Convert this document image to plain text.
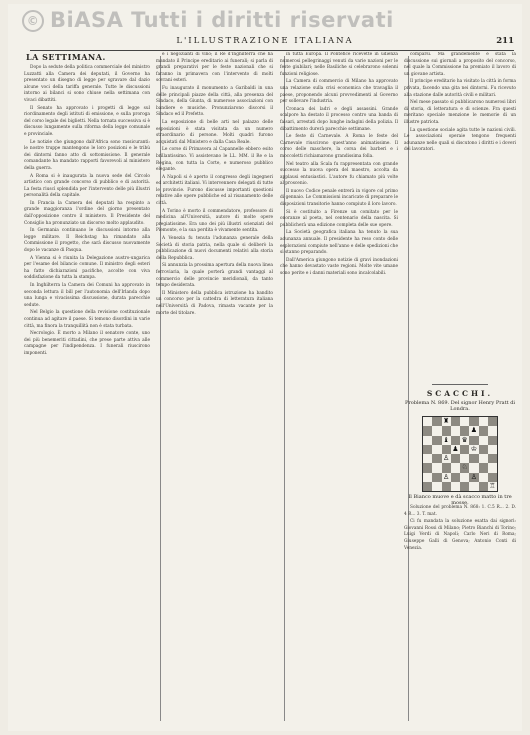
© BiASA Tutti i diritti riservati
L'ILLUSTRAZIONE ITALIANA	211
LA SETTIMANA.

Dopo la sedute della politica commerciale del ministro Luzzatti alla Camera dei deputati, il Governo ha presentato un disegno di legge per sgravare dal dazio alcune voci della tariffa generale. Tutte le discussioni intorno ai bilanci si sono chiuse nella settimana con vivaci dibattiti.

Il Senato ha approvato i progetti di legge sul riordinamento degli istituti di emissione, e sulla proroga del corso legale dei biglietti. Nella tornata successiva si è discusso lungamente sulla riforma della legge comunale e provinciale.

Le notizie che giungono dall'Africa sono rassicuranti: le nostre truppe mantengono le loro posizioni e le tribù dei dintorni fanno atto di sottomissione. Il generale comandante ha mandato rapporti favorevoli al ministero della guerra.

A Roma si è inaugurata la nuova sede del Circolo artistico con grande concorso di pubblico e di autorità. La festa riuscì splendida per l'intervento delle più illustri personalità della capitale.

In Francia la Camera dei deputati ha respinto a grande maggioranza l'ordine del giorno presentato dall'opposizione contro il ministero. Il Presidente del Consiglio ha pronunziato un discorso molto applaudito.

In Germania continuano le discussioni intorno alla legge militare. Il Reichstag ha rimandato alla Commissione il progetto, che sarà discusso nuovamente dopo le vacanze di Pasqua.

A Vienna si è riunita la Delegazione austro-ungarica per l'esame del bilancio comune. Il ministro degli esteri ha fatto dichiarazioni pacifiche, accolte con viva soddisfazione da tutta la stampa.

In Inghilterra la Camera dei Comuni ha approvato in seconda lettura il bill per l'autonomia dell'Irlanda dopo una lunga e vivacissima discussione, durata parecchie sedute.

Nel Belgio la questione della revisione costituzionale continua ad agitare il paese. Si temono disordini in varie città, ma finora la tranquillità non è stata turbata.

Necrologio. È morto a Milano il senatore conte, uno dei più benemeriti cittadini, che prese parte attiva alle campagne per l'indipendenza. I funerali riuscirono imponenti.

e i negozianti di vino; il Re d'Inghilterra che ha mandato il Principe ereditario ai funerali; si parla di grandi preparativi per le feste nazionali che si faranno in primavera con l'intervento di molti sovrani esteri.

Fu inaugurato il monumento a Garibaldi in una delle principali piazze della città, alla presenza del Sindaco, della Giunta, di numerose associazioni con bandiere e musiche. Pronunziarono discorsi il Sindaco ed il Prefetto.

La esposizione di belle arti nel palazzo delle esposizioni è stata visitata da un numero straordinario di persone. Molti quadri furono acquistati dal Ministero e dalla Casa Reale.

Le corse di Primavera al Capannelle ebbero esito brillantissimo. Vi assistevano le LL. MM. il Re e la Regina, con tutta la Corte, e numeroso pubblico elegante.

A Napoli si è aperto il congresso degli ingegneri ed architetti italiani. Vi intervennero delegati di tutte le provincie. Furono discusse importanti questioni relative alle opere pubbliche ed al risanamento delle città.

A Torino è morto il commendatore, professore di medicina all'Università, autore di molte opere pregiatissime. Era uno dei più illustri scienziati del Piemonte, e la sua perdita è vivamente sentita.

A Venezia fu tenuta l'adunanza generale della Società di storia patria, nella quale si deliberò la pubblicazione di nuovi documenti relativi alla storia della Repubblica.

Si annunzia la prossima apertura della nuova linea ferroviaria, la quale porterà grandi vantaggi al commercio delle provincie meridionali, da tanto tempo desiderata.

Il Ministero della pubblica istruzione ha bandito un concorso per la cattedra di letteratura italiana nell'Università di Padova, rimasta vacante per la morte del titolare.

in tutta Europa. Il Pontefice ricevette in udienza numerosi pellegrinaggi venuti da varie nazioni per le feste giubilari; nelle Basiliche si celebrarono solenni funzioni religiose.

La Camera di commercio di Milano ha approvato una relazione sulla crisi economica che travaglia il paese, proponendo alcuni provvedimenti al Governo per sollevare l'industria.

Cronaca dei ladri e degli assassini. Grande scalpore ha destato il processo contro una banda di falsari, arrestati dopo lunghe indagini della polizia. Il dibattimento durerà parecchie settimane.

Le feste di Carnevale. A Roma le feste del Carnevale riuscirono quest'anno animatissime. Il corso delle maschere, la corsa dei barberi e i moccoletti richiamarono grandissima folla.

Nel teatro alla Scala fu rappresentata con grande successo la nuova opera del maestro, accolta da applausi entusiastici. L'autore fu chiamato più volte al proscenio.

Il nuovo Codice penale entrerà in vigore col primo di gennaio. Le Commissioni incaricate di preparare le disposizioni transitorie hanno compiuto il loro lavoro.

Si è costituito a Firenze un comitato per le onoranze al poeta, nel centenario della nascita. Si pubblicherà una edizione completa delle sue opere.

La Società geografica italiana ha tenuto la sua adunanza annuale. Il presidente ha reso conto delle esplorazioni compiute nell'anno e delle spedizioni che si stanno preparando.

Dall'America giungono notizie di gravi inondazioni che hanno devastato vaste regioni. Molte vite umane sono perite e i danni materiali sono incalcolabili.

comparsi. Ma grandemente è stata la discussione sui giornali a proposito del concorso, nel quale la Commissione ha premiato il lavoro di un giovane artista.

Il principe ereditario ha visitato la città in forma privata, facendo una gita nei dintorni. Fu ricevuto alla stazione dalle autorità civili e militari.

Nel mese passato si pubblicarono numerosi libri di storia, di letteratura e di scienze. Fra questi meritano speciale menzione le memorie di un illustre patriota.

La questione sociale agita tutte le nazioni civili. Le associazioni operaie tengono frequenti adunanze nelle quali si discutono i diritti e i doveri dei lavoratori.

SCACCHI.
Problema N. 869. Del signor Henry Pratt di Londra.
♜
♟
♝ ♛
♟ ♔
♙
♘
♙	♙
♖
Il Bianco muove e dà scacco matto in tre mosse.

Soluzione del problema N. 868: 1. C.5 R... 2. D. 4 R... 3. T. mat.

Ci fu mandata la soluzione esatta dai signori: Giovanni Rossi di Milano; Pietro Bianchi di Torino; Luigi Verdi di Napoli; Carlo Neri di Roma; Giuseppe Galli di Genova; Antonio Conti di Venezia.
